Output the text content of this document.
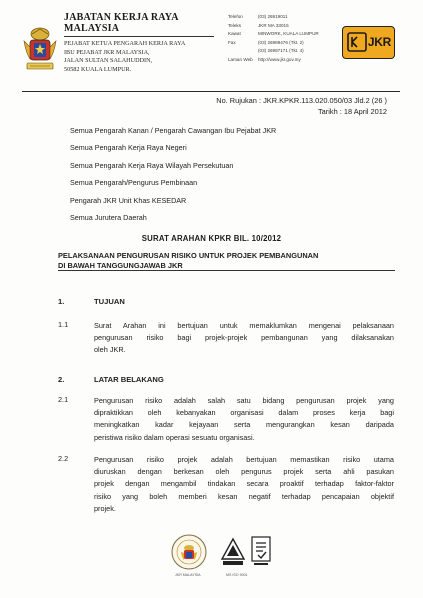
JABATAN KERJA RAYA MALAYSIA
PEJABAT KETUA PENGARAH KERJA RAYA
IBU PEJABAT JKR MALAYSIA,
JALAN SULTAN SALAHUDDIN,
50582 KUALA LUMPUR.
Telefon	(03) 26919011
Teleks	JKR MA 33015
Kawat	MINWORK, KUALA LUMPUR
Fax	(03) 26989476 (Tkt. 2)
(03) 26987171 (Tkt. 4)
Laman Web	http://www.jkr.gov.my
JKR
No. Rujukan : JKR.KPKR.113.020.050/03 Jld.2 (26 )
Tarikh : 18 April 2012
Semua Pengarah Kanan / Pengarah Cawangan Ibu Pejabat JKR
Semua Pengarah Kerja Raya Negeri
Semua Pengarah Kerja Raya Wilayah Persekutuan
Semua Pengarah/Pengurus Pembinaan
Pengarah JKR Unit Khas KESEDAR
Semua Jurutera Daerah
SURAT ARAHAN KPKR BIL. 10/2012
PELAKSANAAN PENGURUSAN RISIKO UNTUK PROJEK PEMBANGUNAN
DI BAWAH TANGGUNGJAWAB JKR
1.	TUJUAN
1.1	Surat Arahan ini bertujuan untuk memaklumkan mengenai pelaksanaan
pengurusan risiko bagi projek-projek pembangunan yang dilaksanakan
oleh JKR.
2.	LATAR BELAKANG
2.1	Pengurusan risiko adalah salah satu bidang pengurusan projek yang
dipraktikkan oleh kebanyakan organisasi dalam proses kerja bagi
meningkatkan kadar kejayaan serta mengurangkan kesan daripada
peristiwa risiko dalam operasi sesuatu organisasi.
2.2	Pengurusan risiko projek adalah bertujuan memastikan risiko utama
diuruskan dengan berkesan oleh pengurus projek serta ahli pasukan
projek dengan mengambil tindakan secara proaktif terhadap faktor-faktor
risiko yang boleh memberi kesan negatif terhadap pencapaian objektif
projek.
JKR MALAYSIA	MS ISO 9001
